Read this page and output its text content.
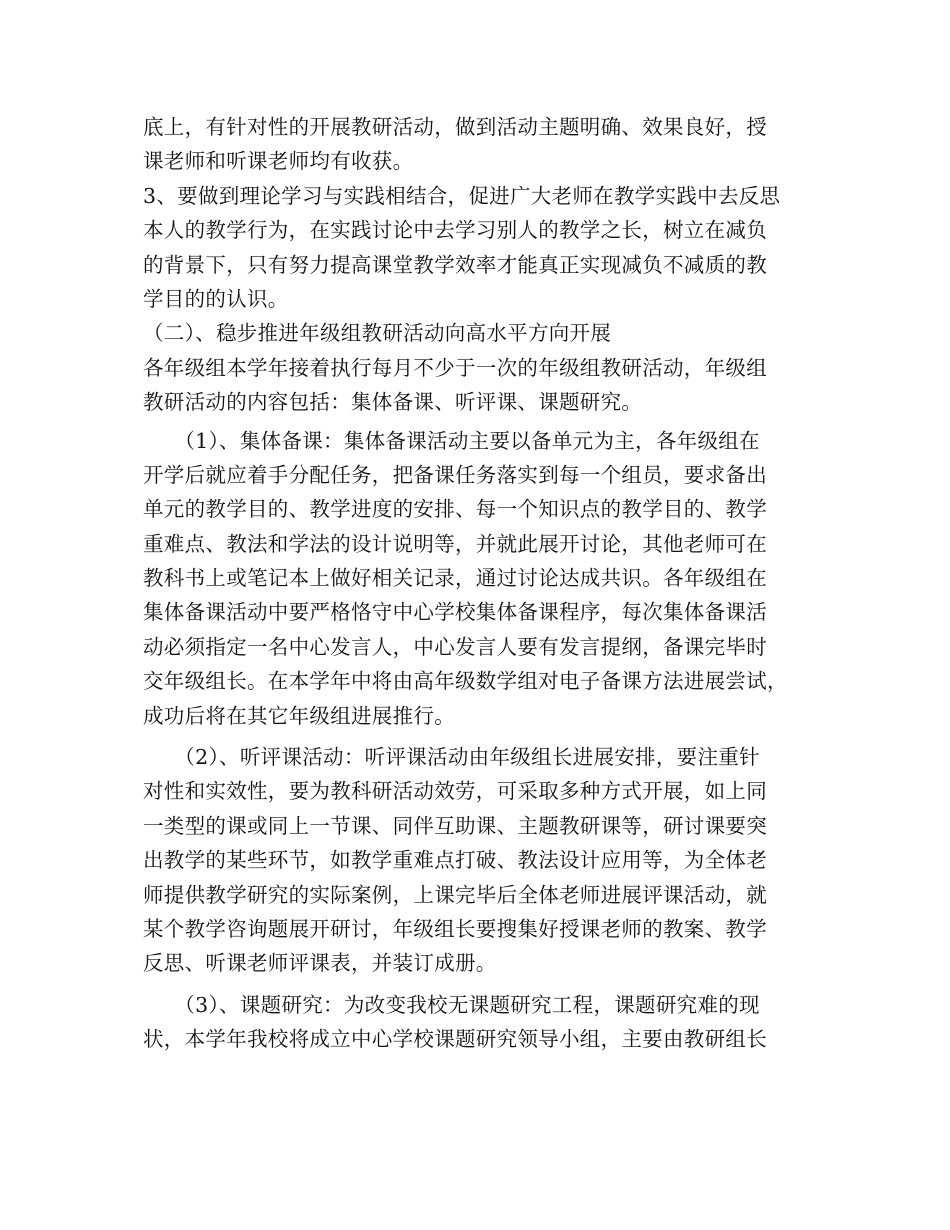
底上，有针对性的开展教研活动，做到活动主题明确、效果良好，授
课老师和听课老师均有收获。
3、要做到理论学习与实践相结合，促进广大老师在教学实践中去反思
本人的教学行为，在实践讨论中去学习别人的教学之长，树立在减负
的背景下，只有努力提高课堂教学效率才能真正实现减负不减质的教
学目的的认识。
（二）、稳步推进年级组教研活动向高水平方向开展
各年级组本学年接着执行每月不少于一次的年级组教研活动，年级组
教研活动的内容包括：集体备课、听评课、课题研究。
　　（1）、集体备课：集体备课活动主要以备单元为主，各年级组在
开学后就应着手分配任务，把备课任务落实到每一个组员，要求备出
单元的教学目的、教学进度的安排、每一个知识点的教学目的、教学
重难点、教法和学法的设计说明等，并就此展开讨论，其他老师可在
教科书上或笔记本上做好相关记录，通过讨论达成共识。各年级组在
集体备课活动中要严格恪守中心学校集体备课程序，每次集体备课活
动必须指定一名中心发言人，中心发言人要有发言提纲，备课完毕时
交年级组长。在本学年中将由高年级数学组对电子备课方法进展尝试，
成功后将在其它年级组进展推行。
　　（2）、听评课活动：听评课活动由年级组长进展安排，要注重针
对性和实效性，要为教科研活动效劳，可采取多种方式开展，如上同
一类型的课或同上一节课、同伴互助课、主题教研课等，研讨课要突
出教学的某些环节，如教学重难点打破、教法设计应用等，为全体老
师提供教学研究的实际案例，上课完毕后全体老师进展评课活动，就
某个教学咨询题展开研讨，年级组长要搜集好授课老师的教案、教学
反思、听课老师评课表，并装订成册。
　　（3）、课题研究：为改变我校无课题研究工程，课题研究难的现
状，本学年我校将成立中心学校课题研究领导小组，主要由教研组长
